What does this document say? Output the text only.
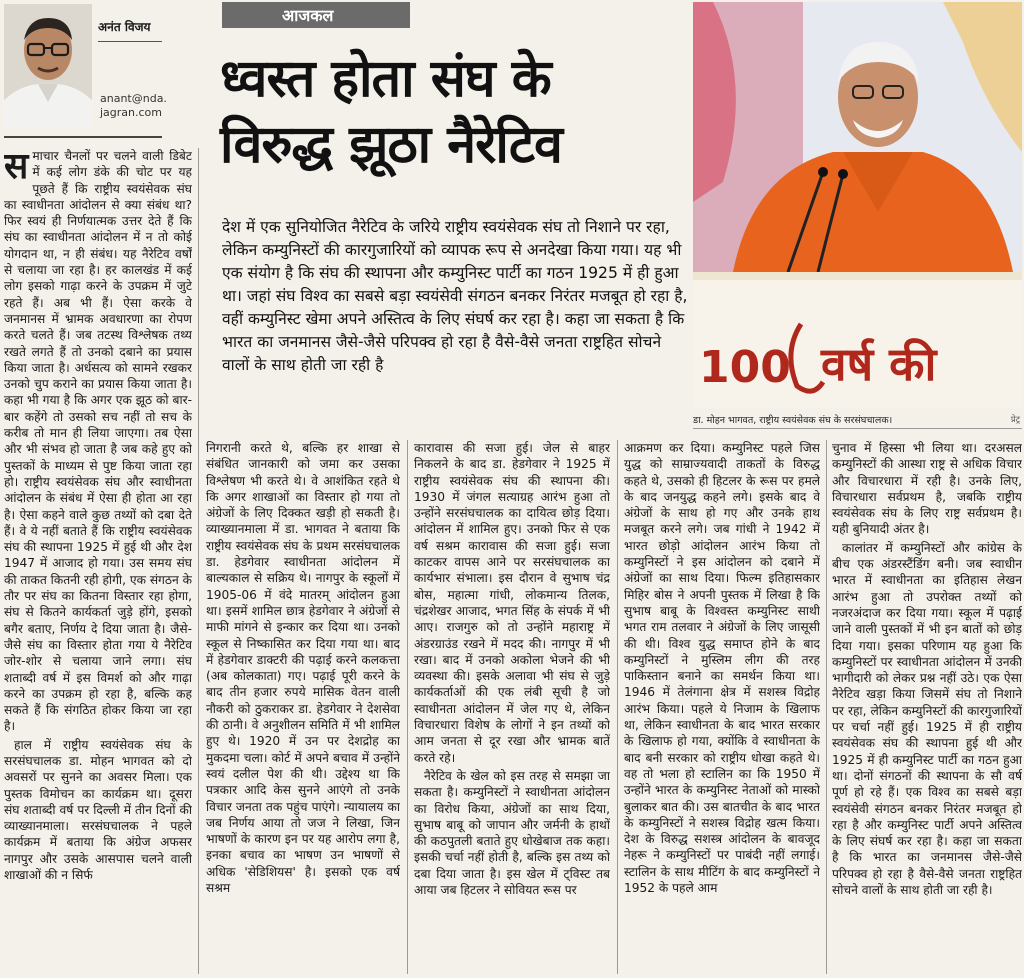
अनंत विजय
anant@nda.
jagran.com
आजकल
ध्वस्त होता संघ के
विरुद्ध झूठा नैरेटिव
देश में एक सुनियोजित नैरेटिव के जरिये राष्ट्रीय स्वयंसेवक संघ तो निशाने पर रहा, लेकिन कम्युनिस्टों की कारगुजारियों को व्यापक रूप से अनदेखा किया गया। यह भी एक संयोग है कि संघ की स्थापना और कम्युनिस्ट पार्टी का गठन 1925 में ही हुआ था। जहां संघ विश्व का सबसे बड़ा स्वयंसेवी संगठन बनकर निरंतर मजबूत हो रहा है, वहीं कम्युनिस्ट खेमा अपने अस्तित्व के लिए संघर्ष कर रहा है। कहा जा सकता है कि भारत का जनमानस जैसे-जैसे परिपक्व हो रहा है वैसे-वैसे जनता राष्ट्रहित सोचने वालों के साथ होती जा रही है	100 वर्ष की
डा. मोहन भागवत, राष्ट्रीय स्वयंसेवक संघ के सरसंघचालक।	प्रेट्र

समाचार चैनलों पर चलने वाली डिबेट में कई लोग डंके की चोट पर यह पूछते हैं कि राष्ट्रीय स्वयंसेवक संघ का स्वाधीनता आंदोलन से क्या संबंध था? फिर स्वयं ही निर्णयात्मक उत्तर देते हैं कि संघ का स्वाधीनता आंदोलन में न तो कोई योगदान था, न ही संबंध। यह नैरेटिव वर्षों से चलाया जा रहा है। हर कालखंड में कई लोग इसको गाढ़ा करने के उपक्रम में जुटे रहते हैं। अब भी हैं। ऐसा करके वे जनमानस में भ्रामक अवधारणा का रोपण करते चलते हैं। जब तटस्थ विश्लेषक तथ्य रखते लगते हैं तो उनको दबाने का प्रयास किया जाता है। अर्धसत्य को सामने रखकर उनको चुप कराने का प्रयास किया जाता है। कहा भी गया है कि अगर एक झूठ को बार-बार कहेंगे तो उसको सच नहीं तो सच के करीब तो मान ही लिया जाएगा। तब ऐसा और भी संभव हो जाता है जब कहे हुए को पुस्तकों के माध्यम से पुष्ट किया जाता रहा हो। राष्ट्रीय स्वयंसेवक संघ और स्वाधीनता आंदोलन के संबंध में ऐसा ही होता आ रहा है। ऐसा कहने वाले कुछ तथ्यों को दबा देते हैं। वे ये नहीं बताते हैं कि राष्ट्रीय स्वयंसेवक संघ की स्थापना 1925 में हुई थी और देश 1947 में आजाद हो गया। उस समय संघ की ताकत कितनी रही होगी, एक संगठन के तौर पर संघ का कितना विस्तार रहा होगा, संघ से कितने कार्यकर्ता जुड़े होंगे, इसको बगैर बताए, निर्णय दे दिया जाता है। जैसे-जैसे संघ का विस्तार होता गया ये नैरेटिव जोर-शोर से चलाया जाने लगा। संघ शताब्दी वर्ष में इस विमर्श को और गाढ़ा करने का उपक्रम हो रहा है, बल्कि कह सकते हैं कि संगठित होकर किया जा रहा है।

हाल में राष्ट्रीय स्वयंसेवक संघ के सरसंघचालक डा. मोहन भागवत को दो अवसरों पर सुनने का अवसर मिला। एक पुस्तक विमोचन का कार्यक्रम था। दूसरा संघ शताब्दी वर्ष पर दिल्ली में तीन दिनों की व्याख्यानमाला। सरसंघचालक ने पहले कार्यक्रम में बताया कि अंग्रेज अफसर नागपुर और उसके आसपास चलने वाली शाखाओं की न सिर्फ

निगरानी करते थे, बल्कि हर शाखा से संबंधित जानकारी को जमा कर उसका विश्लेषण भी करते थे। वे आशंकित रहते थे कि अगर शाखाओं का विस्तार हो गया तो अंग्रेजों के लिए दिक्कत खड़ी हो सकती है। व्याख्यानमाला में डा. भागवत ने बताया कि राष्ट्रीय स्वयंसेवक संघ के प्रथम सरसंघचालक डा. हेडगेवार स्वाधीनता आंदोलन में बाल्यकाल से सक्रिय थे। नागपुर के स्कूलों में 1905-06 में वंदे मातरम् आंदोलन हुआ था। इसमें शामिल छात्र हेडगेवार ने अंग्रेजों से माफी मांगने से इन्कार कर दिया था। उनको स्कूल से निष्कासित कर दिया गया था। बाद में हेडगेवार डाक्टरी की पढ़ाई करने कलकत्ता (अब कोलकाता) गए। पढ़ाई पूरी करने के बाद तीन हजार रुपये मासिक वेतन वाली नौकरी को ठुकराकर डा. हेडगेवार ने देशसेवा की ठानी। वे अनुशीलन समिति में भी शामिल हुए थे। 1920 में उन पर देशद्रोह का मुकदमा चला। कोर्ट में अपने बचाव में उन्होंने स्वयं दलील पेश की थी। उद्देश्य था कि पत्रकार आदि केस सुनने आएंगे तो उनके विचार जनता तक पहुंच पाएंगे। न्यायालय का जब निर्णय आया तो जज ने लिखा, जिन भाषणों के कारण इन पर यह आरोप लगा है, इनका बचाव का भाषण उन भाषणों से अधिक 'सेडिशियस' है। इसको एक वर्ष सश्रम

कारावास की सजा हुई। जेल से बाहर निकलने के बाद डा. हेडगेवार ने 1925 में राष्ट्रीय स्वयंसेवक संघ की स्थापना की। 1930 में जंगल सत्याग्रह आरंभ हुआ तो उन्होंने सरसंघचालक का दायित्व छोड़ दिया। आंदोलन में शामिल हुए। उनको फिर से एक वर्ष सश्रम कारावास की सजा हुई। सजा काटकर वापस आने पर सरसंघचालक का कार्यभार संभाला। इस दौरान वे सुभाष चंद्र बोस, महात्मा गांधी, लोकमान्य तिलक, चंद्रशेखर आजाद, भगत सिंह के संपर्क में भी आए। राजगुरु को तो उन्होंने महाराष्ट्र में अंडरग्राउंड रखने में मदद की। नागपुर में भी रखा। बाद में उनको अकोला भेजने की भी व्यवस्था की। इसके अलावा भी संघ से जुड़े कार्यकर्ताओं की एक लंबी सूची है जो स्वाधीनता आंदोलन में जेल गए थे, लेकिन विचारधारा विशेष के लोगों ने इन तथ्यों को आम जनता से दूर रखा और भ्रामक बातें करते रहे।

नैरेटिव के खेल को इस तरह से समझा जा सकता है। कम्युनिस्टों ने स्वाधीनता आंदोलन का विरोध किया, अंग्रेजों का साथ दिया, सुभाष बाबू को जापान और जर्मनी के हाथों की कठपुतली बताते हुए धोखेबाज तक कहा। इसकी चर्चा नहीं होती है, बल्कि इस तथ्य को दबा दिया जाता है। इस खेल में ट्विस्ट तब आया जब हिटलर ने सोवियत रूस पर

आक्रमण कर दिया। कम्युनिस्ट पहले जिस युद्ध को साम्राज्यवादी ताकतों के विरुद्ध कहते थे, उसको ही हिटलर के रूस पर हमले के बाद जनयुद्ध कहने लगे। इसके बाद वे अंग्रेजों के साथ हो गए और उनके हाथ मजबूत करने लगे। जब गांधी ने 1942 में भारत छोड़ो आंदोलन आरंभ किया तो कम्युनिस्टों ने इस आंदोलन को दबाने में अंग्रेजों का साथ दिया। फिल्म इतिहासकार मिहिर बोस ने अपनी पुस्तक में लिखा है कि सुभाष बाबू के विश्वस्त कम्युनिस्ट साथी भगत राम तलवार ने अंग्रेजों के लिए जासूसी की थी। विश्व युद्ध समाप्त होने के बाद कम्युनिस्टों ने मुस्लिम लीग की तरह पाकिस्तान बनाने का समर्थन किया था। 1946 में तेलंगाना क्षेत्र में सशस्त्र विद्रोह आरंभ किया। पहले ये निजाम के खिलाफ था, लेकिन स्वाधीनता के बाद भारत सरकार के खिलाफ हो गया, क्योंकि वे स्वाधीनता के बाद बनी सरकार को राष्ट्रीय धोखा कहते थे। वह तो भला हो स्टालिन का कि 1950 में उन्होंने भारत के कम्युनिस्ट नेताओं को मास्को बुलाकर बात की। उस बातचीत के बाद भारत के कम्युनिस्टों ने सशस्त्र विद्रोह खत्म किया। देश के विरुद्ध सशस्त्र आंदोलन के बावजूद नेहरू ने कम्युनिस्टों पर पाबंदी नहीं लगाई। स्टालिन के साथ मीटिंग के बाद कम्युनिस्टों ने 1952 के पहले आम

चुनाव में हिस्सा भी लिया था। दरअसल कम्युनिस्टों की आस्था राष्ट्र से अधिक विचार और विचारधारा में रही है। उनके लिए, विचारधारा सर्वप्रथम है, जबकि राष्ट्रीय स्वयंसेवक संघ के लिए राष्ट्र सर्वप्रथम है। यही बुनियादी अंतर है।

कालांतर में कम्युनिस्टों और कांग्रेस के बीच एक अंडरस्टैंडिंग बनी। जब स्वाधीन भारत में स्वाधीनता का इतिहास लेखन आरंभ हुआ तो उपरोक्त तथ्यों को नजरअंदाज कर दिया गया। स्कूल में पढ़ाई जाने वाली पुस्तकों में भी इन बातों को छोड़ दिया गया। इसका परिणाम यह हुआ कि कम्युनिस्टों पर स्वाधीनता आंदोलन में उनकी भागीदारी को लेकर प्रश्न नहीं उठे। एक ऐसा नैरेटिव खड़ा किया जिसमें संघ तो निशाने पर रहा, लेकिन कम्युनिस्टों की कारगुजारियों पर चर्चा नहीं हुई। 1925 में ही राष्ट्रीय स्वयंसेवक संघ की स्थापना हुई थी और 1925 में ही कम्युनिस्ट पार्टी का गठन हुआ था। दोनों संगठनों की स्थापना के सौ वर्ष पूर्ण हो रहे हैं। एक विश्व का सबसे बड़ा स्वयंसेवी संगठन बनकर निरंतर मजबूत हो रहा है और कम्युनिस्ट पार्टी अपने अस्तित्व के लिए संघर्ष कर रहा है। कहा जा सकता है कि भारत का जनमानस जैसे-जैसे परिपक्व हो रहा है वैसे-वैसे जनता राष्ट्रहित सोचने वालों के साथ होती जा रही है।
